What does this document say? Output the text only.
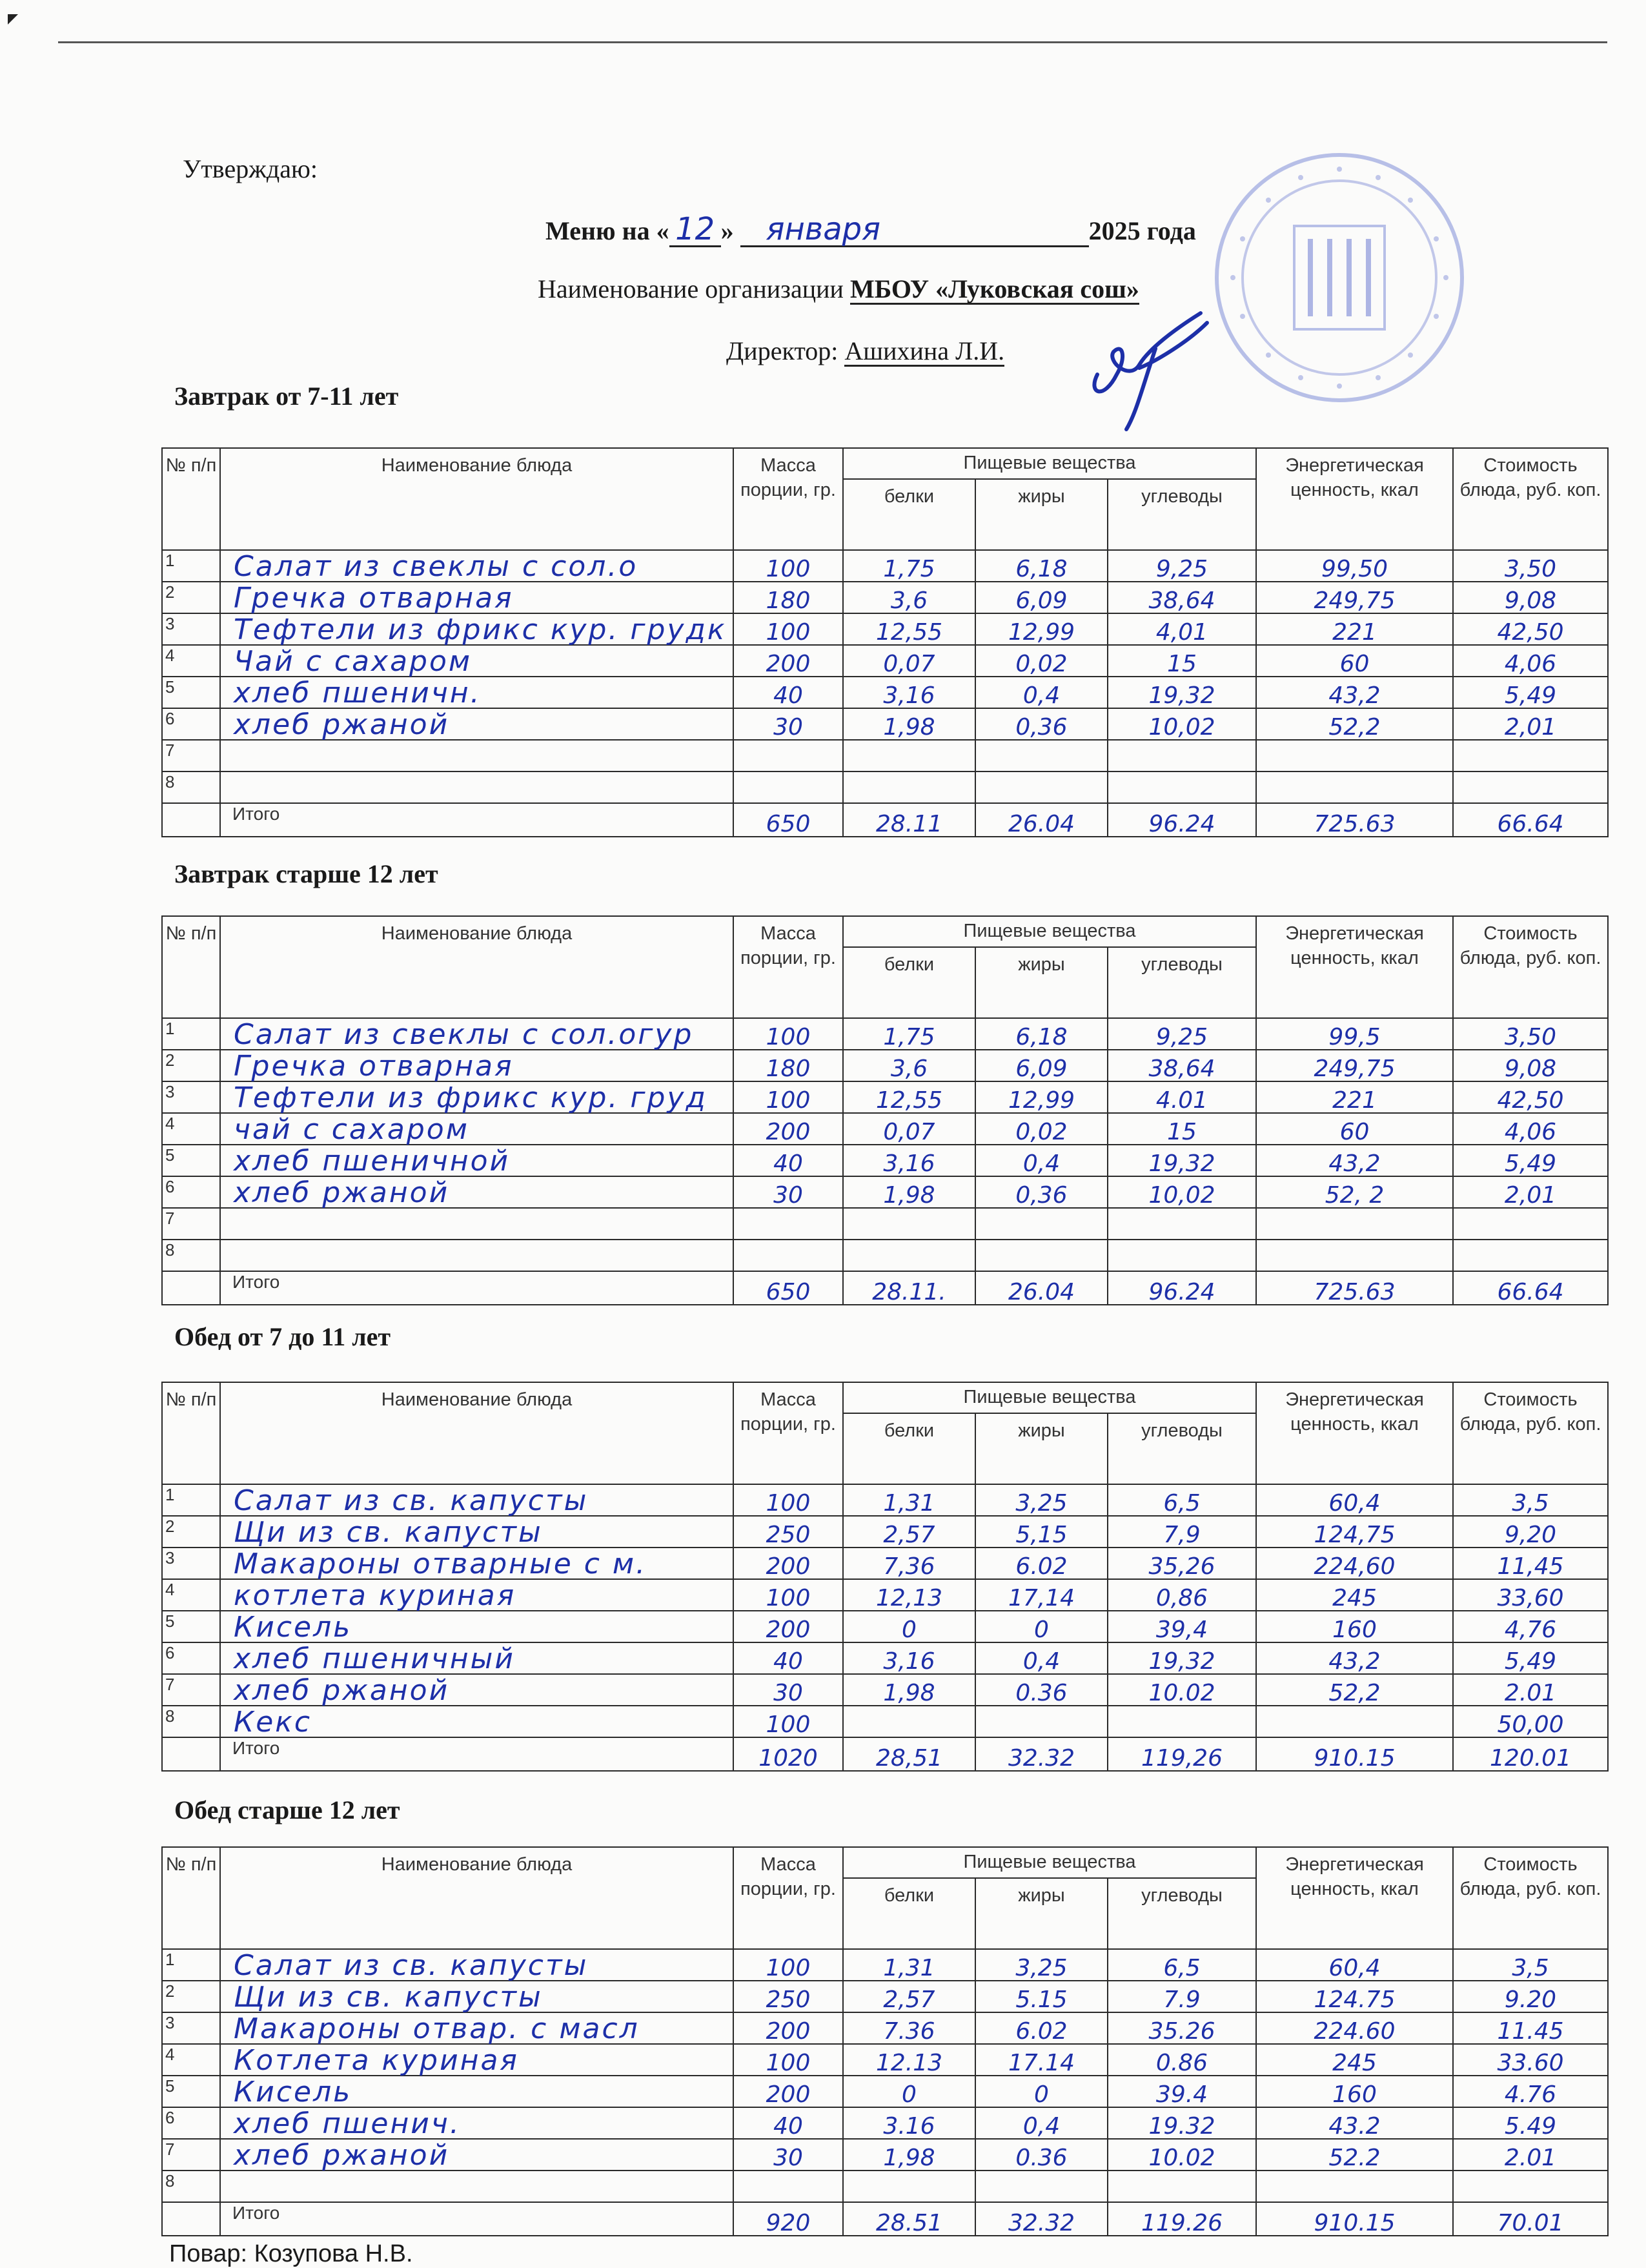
Утверждаю:
Меню на « 12 » января	2025 года
Наименование организации МБОУ «Луковская сош»
Директор: Ашихина Л.И.
Завтрак от 7-11 лет
№ п/п	Наименование блюда	Масса порции, гр.	Пищевые вещества			Энергетическая ценность, ккал	Стоимость блюда, руб. коп.
			белки	жиры	углеводы		
1	Салат из свеклы с сол.о	100	1,75	6,18	9,25	99,50	3,50
2	Гречка отварная	180	3,6	6,09	38,64	249,75	9,08
3	Тефтели из фрикс кур. грудк	100	12,55	12,99	4,01	221	42,50
4	Чай с сахаром	200	0,07	0,02	15	60	4,06
5	хлеб пшеничн.	40	3,16	0,4	19,32	43,2	5,49
6	хлеб ржаной	30	1,98	0,36	10,02	52,2	2,01
7							
8							
	Итого	650	28.11	26.04	96.24	725.63	66.64
Завтрак старше 12 лет
№ п/п	Наименование блюда	Масса порции, гр.	Пищевые вещества			Энергетическая ценность, ккал	Стоимость блюда, руб. коп.
			белки	жиры	углеводы		
1	Салат из свеклы с сол.огур	100	1,75	6,18	9,25	99,5	3,50
2	Гречка отварная	180	3,6	6,09	38,64	249,75	9,08
3	Тефтели из фрикс кур. груд	100	12,55	12,99	4.01	221	42,50
4	чай с сахаром	200	0,07	0,02	15	60	4,06
5	хлеб пшеничной	40	3,16	0,4	19,32	43,2	5,49
6	хлеб ржаной	30	1,98	0,36	10,02	52, 2	2,01
7							
8							
	Итого	650	28.11.	26.04	96.24	725.63	66.64
Обед от 7 до 11 лет
№ п/п	Наименование блюда	Масса порции, гр.	Пищевые вещества			Энергетическая ценность, ккал	Стоимость блюда, руб. коп.
			белки	жиры	углеводы		
1	Салат из св. капусты	100	1,31	3,25	6,5	60,4	3,5
2	Щи из св. капусты	250	2,57	5,15	7,9	124,75	9,20
3	Макароны отварные с м.	200	7,36	6.02	35,26	224,60	11,45
4	котлета куриная	100	12,13	17,14	0,86	245	33,60
5	Кисель	200	0	0	39,4	160	4,76
6	хлеб пшеничный	40	3,16	0,4	19,32	43,2	5,49
7	хлеб ржаной	30	1,98	0.36	10.02	52,2	2.01
8	Кекс	100					50,00
	Итого	1020	28,51	32.32	119,26	910.15	120.01
Обед старше 12 лет
№ п/п	Наименование блюда	Масса порции, гр.	Пищевые вещества			Энергетическая ценность, ккал	Стоимость блюда, руб. коп.
			белки	жиры	углеводы		
1	Салат из св. капусты	100	1,31	3,25	6,5	60,4	3,5
2	Щи из св. капусты	250	2,57	5.15	7.9	124.75	9.20
3	Макароны отвар. с масл	200	7.36	6.02	35.26	224.60	11.45
4	Котлета куриная	100	12.13	17.14	0.86	245	33.60
5	Кисель	200	0	0	39.4	160	4.76
6	хлеб пшенич.	40	3.16	0,4	19.32	43.2	5.49
7	хлеб ржаной	30	1,98	0.36	10.02	52.2	2.01
8							
	Итого	920	28.51	32.32	119.26	910.15	70.01
Повар: Козупова Н.В.
